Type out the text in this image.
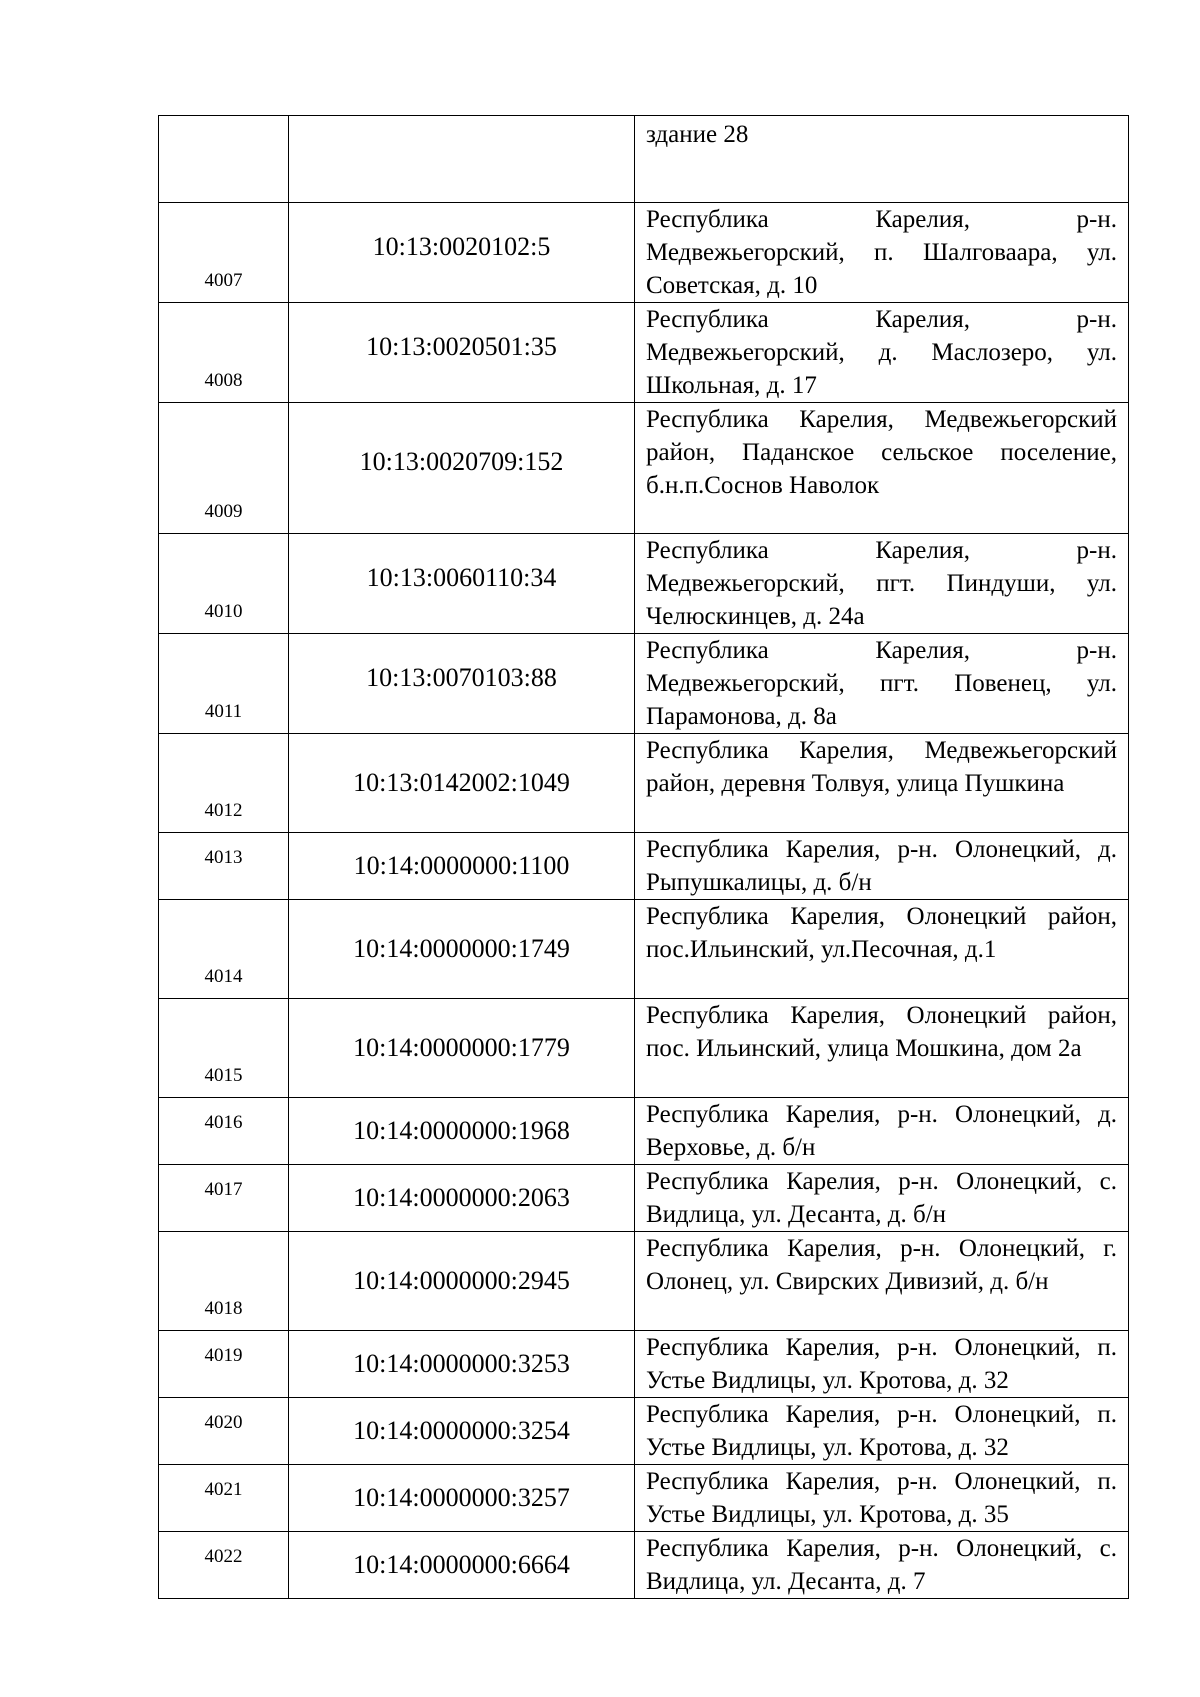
		здание 28
4007	10:13:0020102:5	Республика Карелия, р-н. Медвежьегорский, п. Шалговаара, ул. Советская, д. 10
4008	10:13:0020501:35	Республика Карелия, р-н. Медвежьегорский, д. Маслозеро, ул. Школьная, д. 17
4009	10:13:0020709:152	Республика Карелия, Медвежьегорский район, Паданское сельское поселение, б.н.п.Соснов Наволок
4010	10:13:0060110:34	Республика Карелия, р-н. Медвежьегорский, пгт. Пиндуши, ул. Челюскинцев, д. 24а
4011	10:13:0070103:88	Республика Карелия, р-н. Медвежьегорский, пгт. Повенец, ул. Парамонова, д. 8а
4012	10:13:0142002:1049	Республика Карелия, Медвежьегорский район, деревня Толвуя, улица Пушкина
4013	10:14:0000000:1100	Республика Карелия, р-н. Олонецкий, д. Рыпушкалицы, д. б/н
4014	10:14:0000000:1749	Республика Карелия, Олонецкий район, пос.Ильинский, ул.Песочная, д.1
4015	10:14:0000000:1779	Республика Карелия, Олонецкий район, пос. Ильинский, улица Мошкина, дом 2а
4016	10:14:0000000:1968	Республика Карелия, р-н. Олонецкий, д. Верховье, д. б/н
4017	10:14:0000000:2063	Республика Карелия, р-н. Олонецкий, с. Видлица, ул. Десанта, д. б/н
4018	10:14:0000000:2945	Республика Карелия, р-н. Олонецкий, г. Олонец, ул. Свирских Дивизий, д. б/н
4019	10:14:0000000:3253	Республика Карелия, р-н. Олонецкий, п. Устье Видлицы, ул. Кротова, д. 32
4020	10:14:0000000:3254	Республика Карелия, р-н. Олонецкий, п. Устье Видлицы, ул. Кротова, д. 32
4021	10:14:0000000:3257	Республика Карелия, р-н. Олонецкий, п. Устье Видлицы, ул. Кротова, д. 35
4022	10:14:0000000:6664	Республика Карелия, р-н. Олонецкий, с. Видлица, ул. Десанта, д. 7
